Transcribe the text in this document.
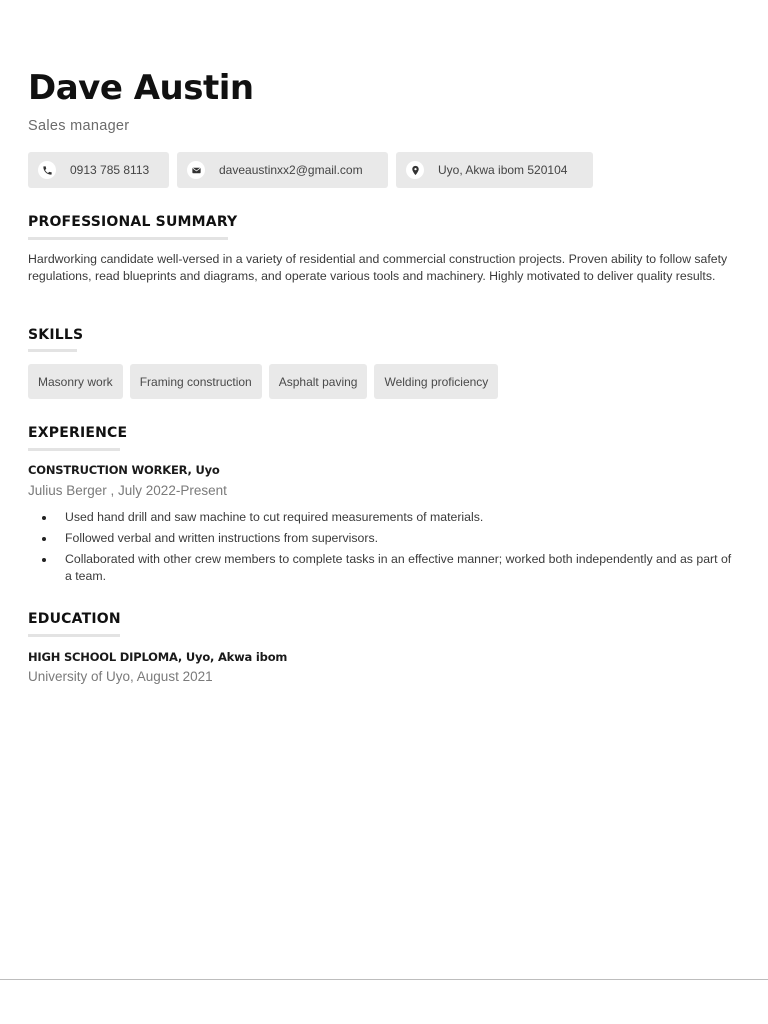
Dave Austin
Sales manager
0913 785 8113	daveaustinxx2@gmail.com	Uyo, Akwa ibom 520104
PROFESSIONAL SUMMARY

Hardworking candidate well-versed in a variety of residential and commercial construction projects. Proven ability to follow safety regulations, read blueprints and diagrams, and operate various tools and machinery. Highly motivated to deliver quality results.

SKILLS
Masonry work	Framing construction	Asphalt paving	Welding proficiency
EXPERIENCE
CONSTRUCTION WORKER, Uyo
Julius Berger , July 2022-Present
Used hand drill and saw machine to cut required measurements of materials.
Followed verbal and written instructions from supervisors.
Collaborated with other crew members to complete tasks in an effective manner; worked both independently and as part of a team.
EDUCATION
HIGH SCHOOL DIPLOMA, Uyo, Akwa ibom
University of Uyo, August 2021
